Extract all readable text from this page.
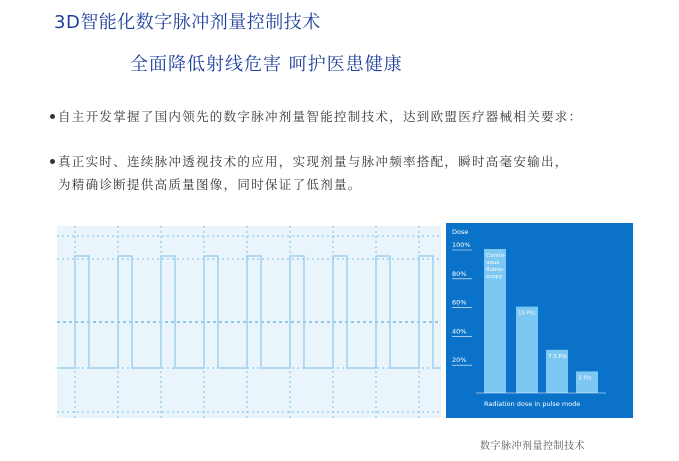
3D智能化数字脉冲剂量控制技术
全面降低射线危害 呵护医患健康
自主开发掌握了国内领先的数字脉冲剂量智能控制技术，达到欧盟医疗器械相关要求：
真正实时、连续脉冲透视技术的应用，实现剂量与脉冲频率搭配，瞬时高毫安输出，
为精确诊断提供高质量图像，同时保证了低剂量。
Dose
100%
80%
60%
40%
20%
Contin-
uous
fluoro-
scopy
15 P/s
7.5 P/s
3 P/s
Radiation dose in pulse mode
数字脉冲剂量控制技术
